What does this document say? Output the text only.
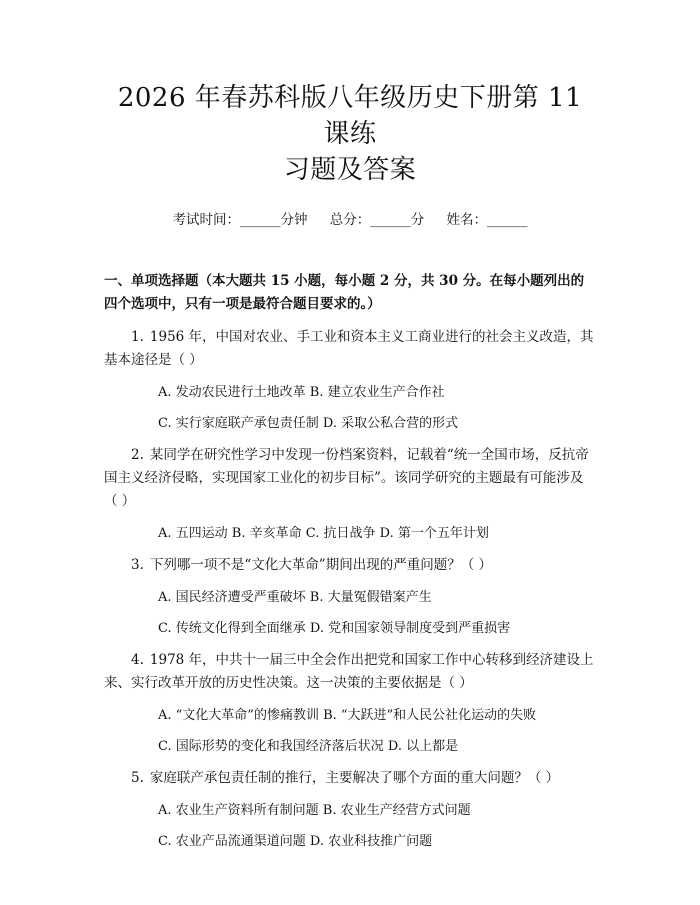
2026 年春苏科版八年级历史下册第 11 课练
习题及答案
考试时间：______分钟 总分：______分 姓名：______
一、单项选择题（本大题共 15 小题，每小题 2 分，共 30 分。在每小题列出的四个选项中，只有一项是最符合题目要求的。）
1. 1956 年，中国对农业、手工业和资本主义工商业进行的社会主义改造，其基本途径是（ ）
A. 发动农民进行土地改革 B. 建立农业生产合作社
C. 实行家庭联产承包责任制 D. 采取公私合营的形式
2. 某同学在研究性学习中发现一份档案资料，记载着“统一全国市场，反抗帝国主义经济侵略，实现国家工业化的初步目标”。该同学研究的主题最有可能涉及（ ）
A. 五四运动 B. 辛亥革命 C. 抗日战争 D. 第一个五年计划
3. 下列哪一项不是“文化大革命”期间出现的严重问题？（ ）
A. 国民经济遭受严重破坏 B. 大量冤假错案产生
C. 传统文化得到全面继承 D. 党和国家领导制度受到严重损害
4. 1978 年，中共十一届三中全会作出把党和国家工作中心转移到经济建设上来、实行改革开放的历史性决策。这一决策的主要依据是（ ）
A. “文化大革命”的惨痛教训 B. “大跃进”和人民公社化运动的失败
C. 国际形势的变化和我国经济落后状况 D. 以上都是
5. 家庭联产承包责任制的推行，主要解决了哪个方面的重大问题？（ ）
A. 农业生产资料所有制问题 B. 农业生产经营方式问题
C. 农业产品流通渠道问题 D. 农业科技推广问题
